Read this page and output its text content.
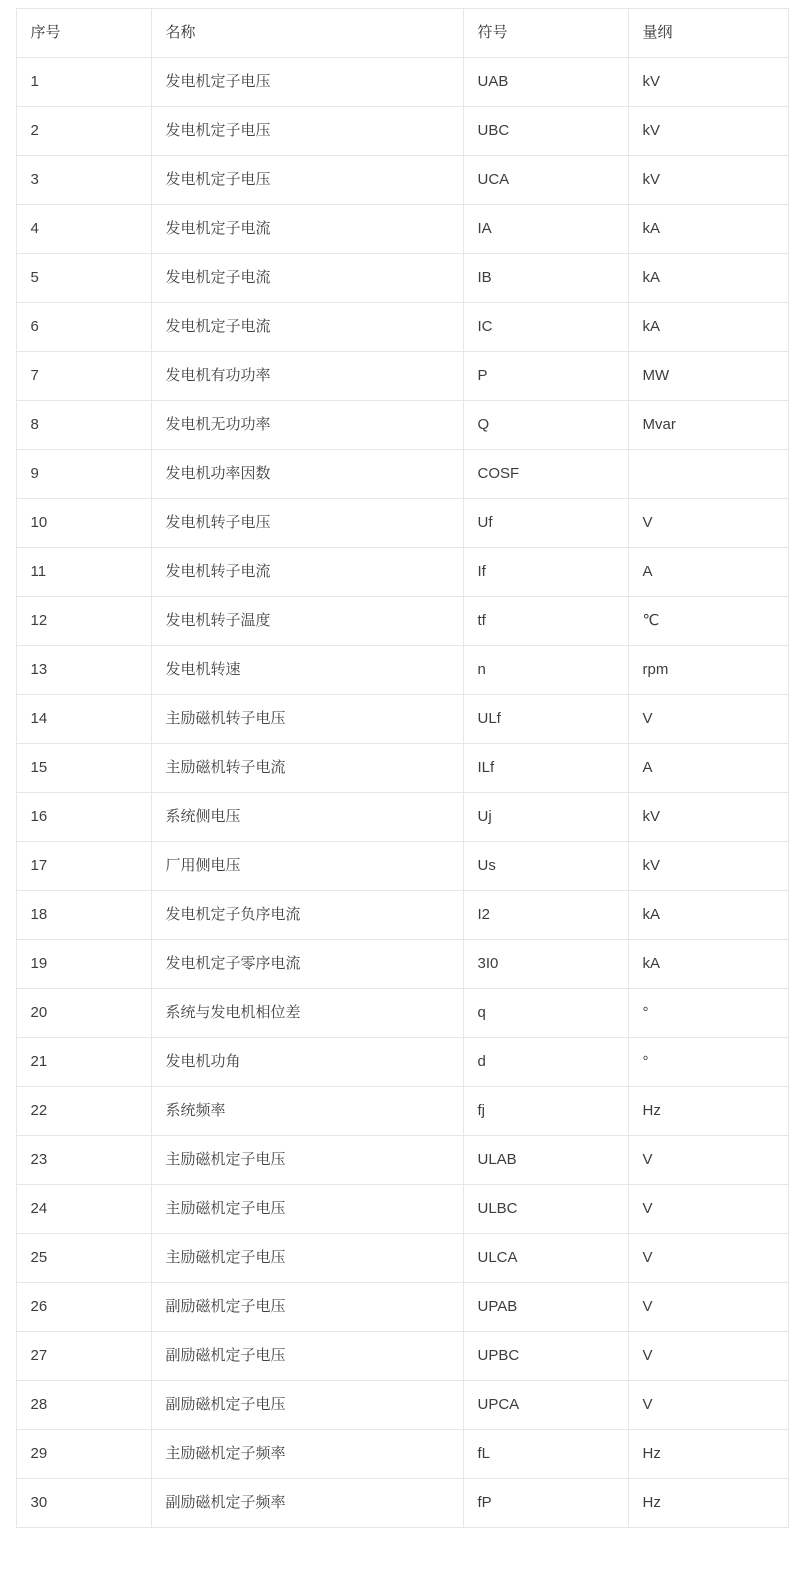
序号	名称	符号	量纲
1	发电机定子电压	UAB	kV
2	发电机定子电压	UBC	kV
3	发电机定子电压	UCA	kV
4	发电机定子电流	IA	kA
5	发电机定子电流	IB	kA
6	发电机定子电流	IC	kA
7	发电机有功功率	P	MW
8	发电机无功功率	Q	Mvar
9	发电机功率因数	COSF	
10	发电机转子电压	Uf	V
11	发电机转子电流	If	A
12	发电机转子温度	tf	℃
13	发电机转速	n	rpm
14	主励磁机转子电压	ULf	V
15	主励磁机转子电流	ILf	A
16	系统侧电压	Uj	kV
17	厂用侧电压	Us	kV
18	发电机定子负序电流	I2	kA
19	发电机定子零序电流	3I0	kA
20	系统与发电机相位差	q	°
21	发电机功角	d	°
22	系统频率	fj	Hz
23	主励磁机定子电压	ULAB	V
24	主励磁机定子电压	ULBC	V
25	主励磁机定子电压	ULCA	V
26	副励磁机定子电压	UPAB	V
27	副励磁机定子电压	UPBC	V
28	副励磁机定子电压	UPCA	V
29	主励磁机定子频率	fL	Hz
30	副励磁机定子频率	fP	Hz
